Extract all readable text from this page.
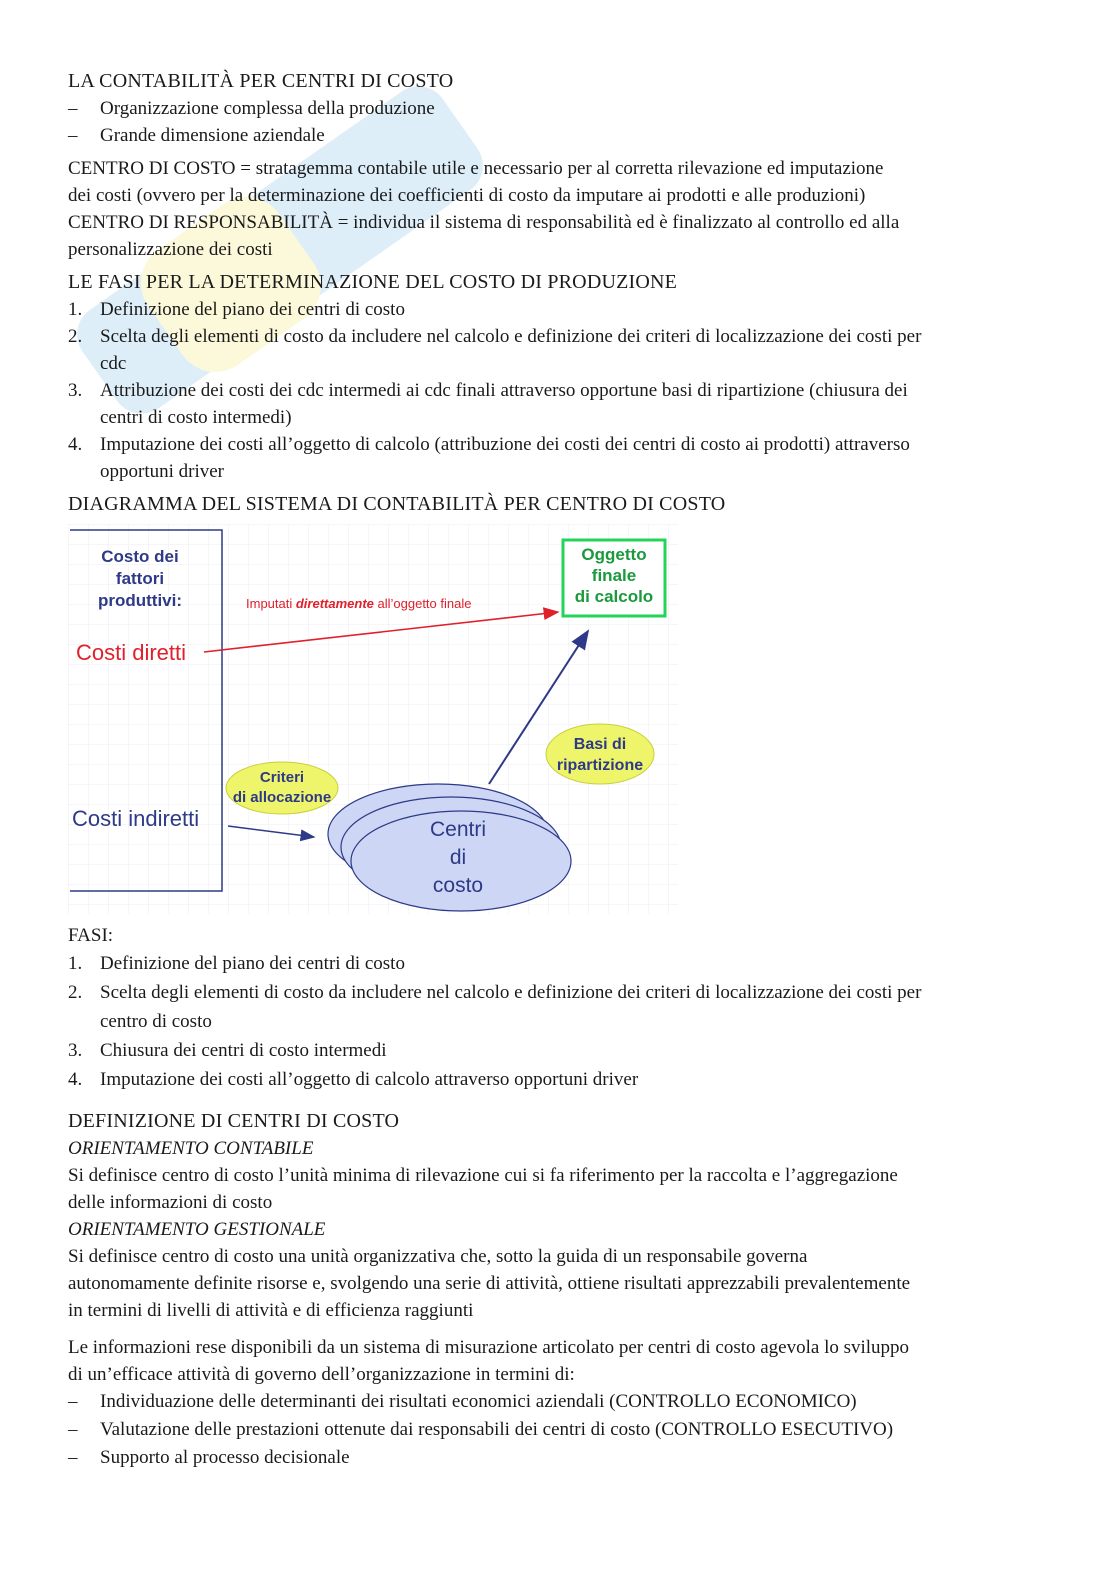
LA CONTABILITÀ PER CENTRI DI COSTO
– Organizzazione complessa della produzione
– Grande dimensione aziendale

CENTRO DI COSTO = stratagemma contabile utile e necessario per al corretta rilevazione ed imputazione
dei costi (ovvero per la determinazione dei coefficienti di costo da imputare ai prodotti e alle produzioni)
CENTRO DI RESPONSABILITÀ = individua il sistema di responsabilità ed è finalizzato al controllo ed alla
personalizzazione dei costi

LE FASI PER LA DETERMINAZIONE DEL COSTO DI PRODUZIONE
1. Definizione del piano dei centri di costo
2. Scelta degli elementi di costo da includere nel calcolo e definizione dei criteri di localizzazione dei costi per
cdc
3. Attribuzione dei costi dei cdc intermedi ai cdc finali attraverso opportune basi di ripartizione (chiusura dei
centri di costo intermedi)
4. Imputazione dei costi all’oggetto di calcolo (attribuzione dei costi dei centri di costo ai prodotti) attraverso
opportuni driver
DIAGRAMMA DEL SISTEMA DI CONTABILITÀ PER CENTRO DI COSTO
Costo dei
fattori
produttivi:
Costi diretti
Costi indiretti
Imputati direttamente all’oggetto finale
Oggetto
finale
di calcolo
Criteri
di allocazione
Basi di
ripartizione
Centri
di
costo

FASI:

1. Definizione del piano dei centri di costo
2. Scelta degli elementi di costo da includere nel calcolo e definizione dei criteri di localizzazione dei costi per
centro di costo
3. Chiusura dei centri di costo intermedi
4. Imputazione dei costi all’oggetto di calcolo attraverso opportuni driver
DEFINIZIONE DI CENTRI DI COSTO

ORIENTAMENTO CONTABILE

Si definisce centro di costo l’unità minima di rilevazione cui si fa riferimento per la raccolta e l’aggregazione
delle informazioni di costo

ORIENTAMENTO GESTIONALE

Si definisce centro di costo una unità organizzativa che, sotto la guida di un responsabile governa
autonomamente definite risorse e, svolgendo una serie di attività, ottiene risultati apprezzabili prevalentemente
in termini di livelli di attività e di efficienza raggiunti

Le informazioni rese disponibili da un sistema di misurazione articolato per centri di costo agevola lo sviluppo
di un’efficace attività di governo dell’organizzazione in termini di:

– Individuazione delle determinanti dei risultati economici aziendali (CONTROLLO ECONOMICO)
– Valutazione delle prestazioni ottenute dai responsabili dei centri di costo (CONTROLLO ESECUTIVO)
– Supporto al processo decisionale
